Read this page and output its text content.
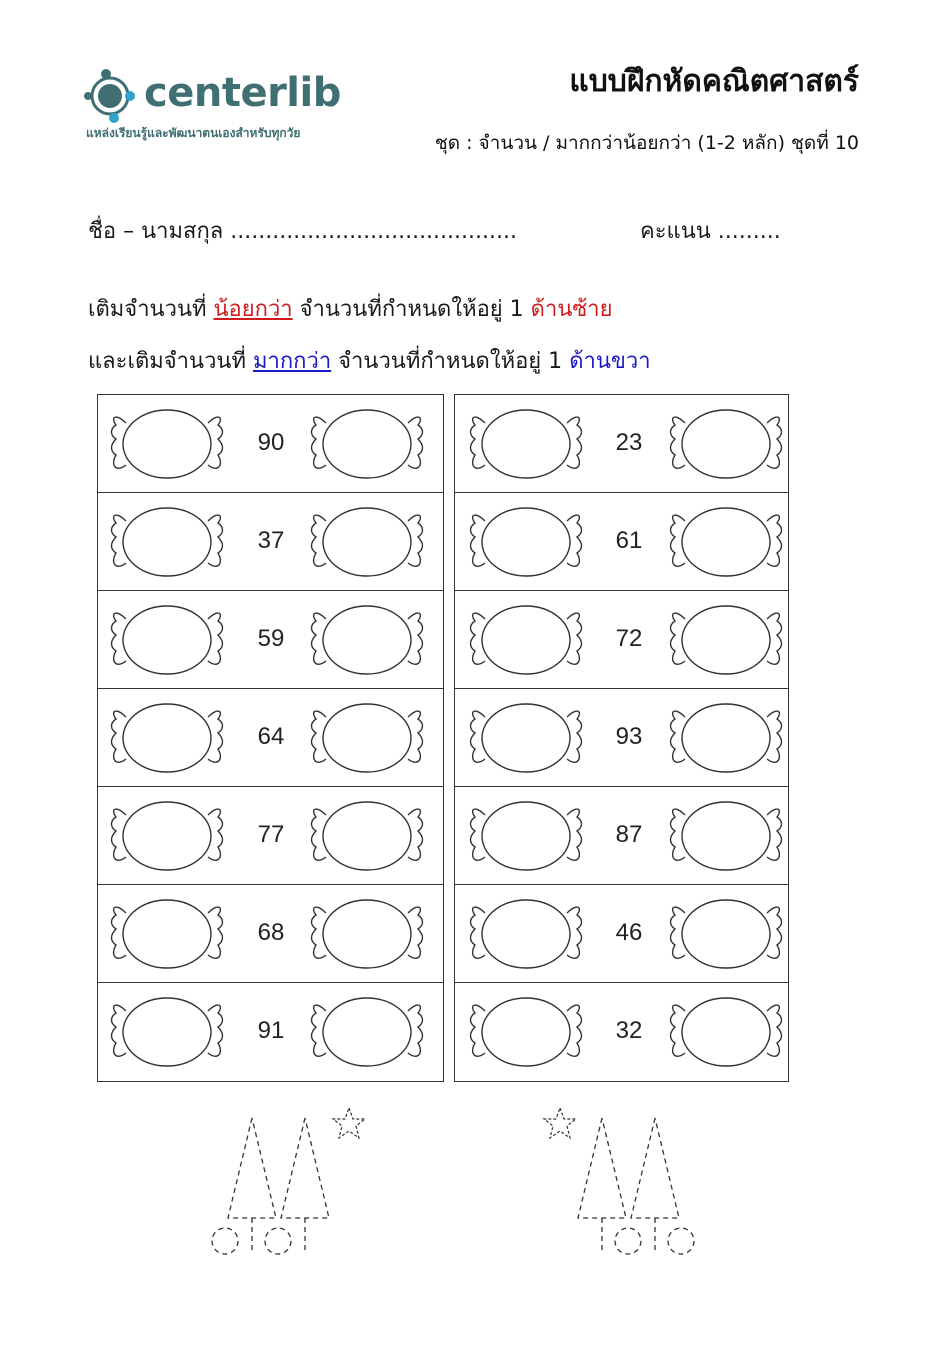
centerlib
แหล่งเรียนรู้และพัฒนาตนเองสำหรับทุกวัย
แบบฝึกหัดคณิตศาสตร์
ชุด : จำนวน / มากกว่าน้อยกว่า (1-2 หลัก) ชุดที่ 10
ชื่อ – นามสกุล .........................................	คะแนน .........
เติมจำนวนที่ น้อยกว่า จำนวนที่กำหนดให้อยู่ 1 ด้านซ้าย
และเติมจำนวนที่ มากกว่า จำนวนที่กำหนดให้อยู่ 1 ด้านขวา
90
37
59
64
77
68
91
23
61
72
93
87
46
32
